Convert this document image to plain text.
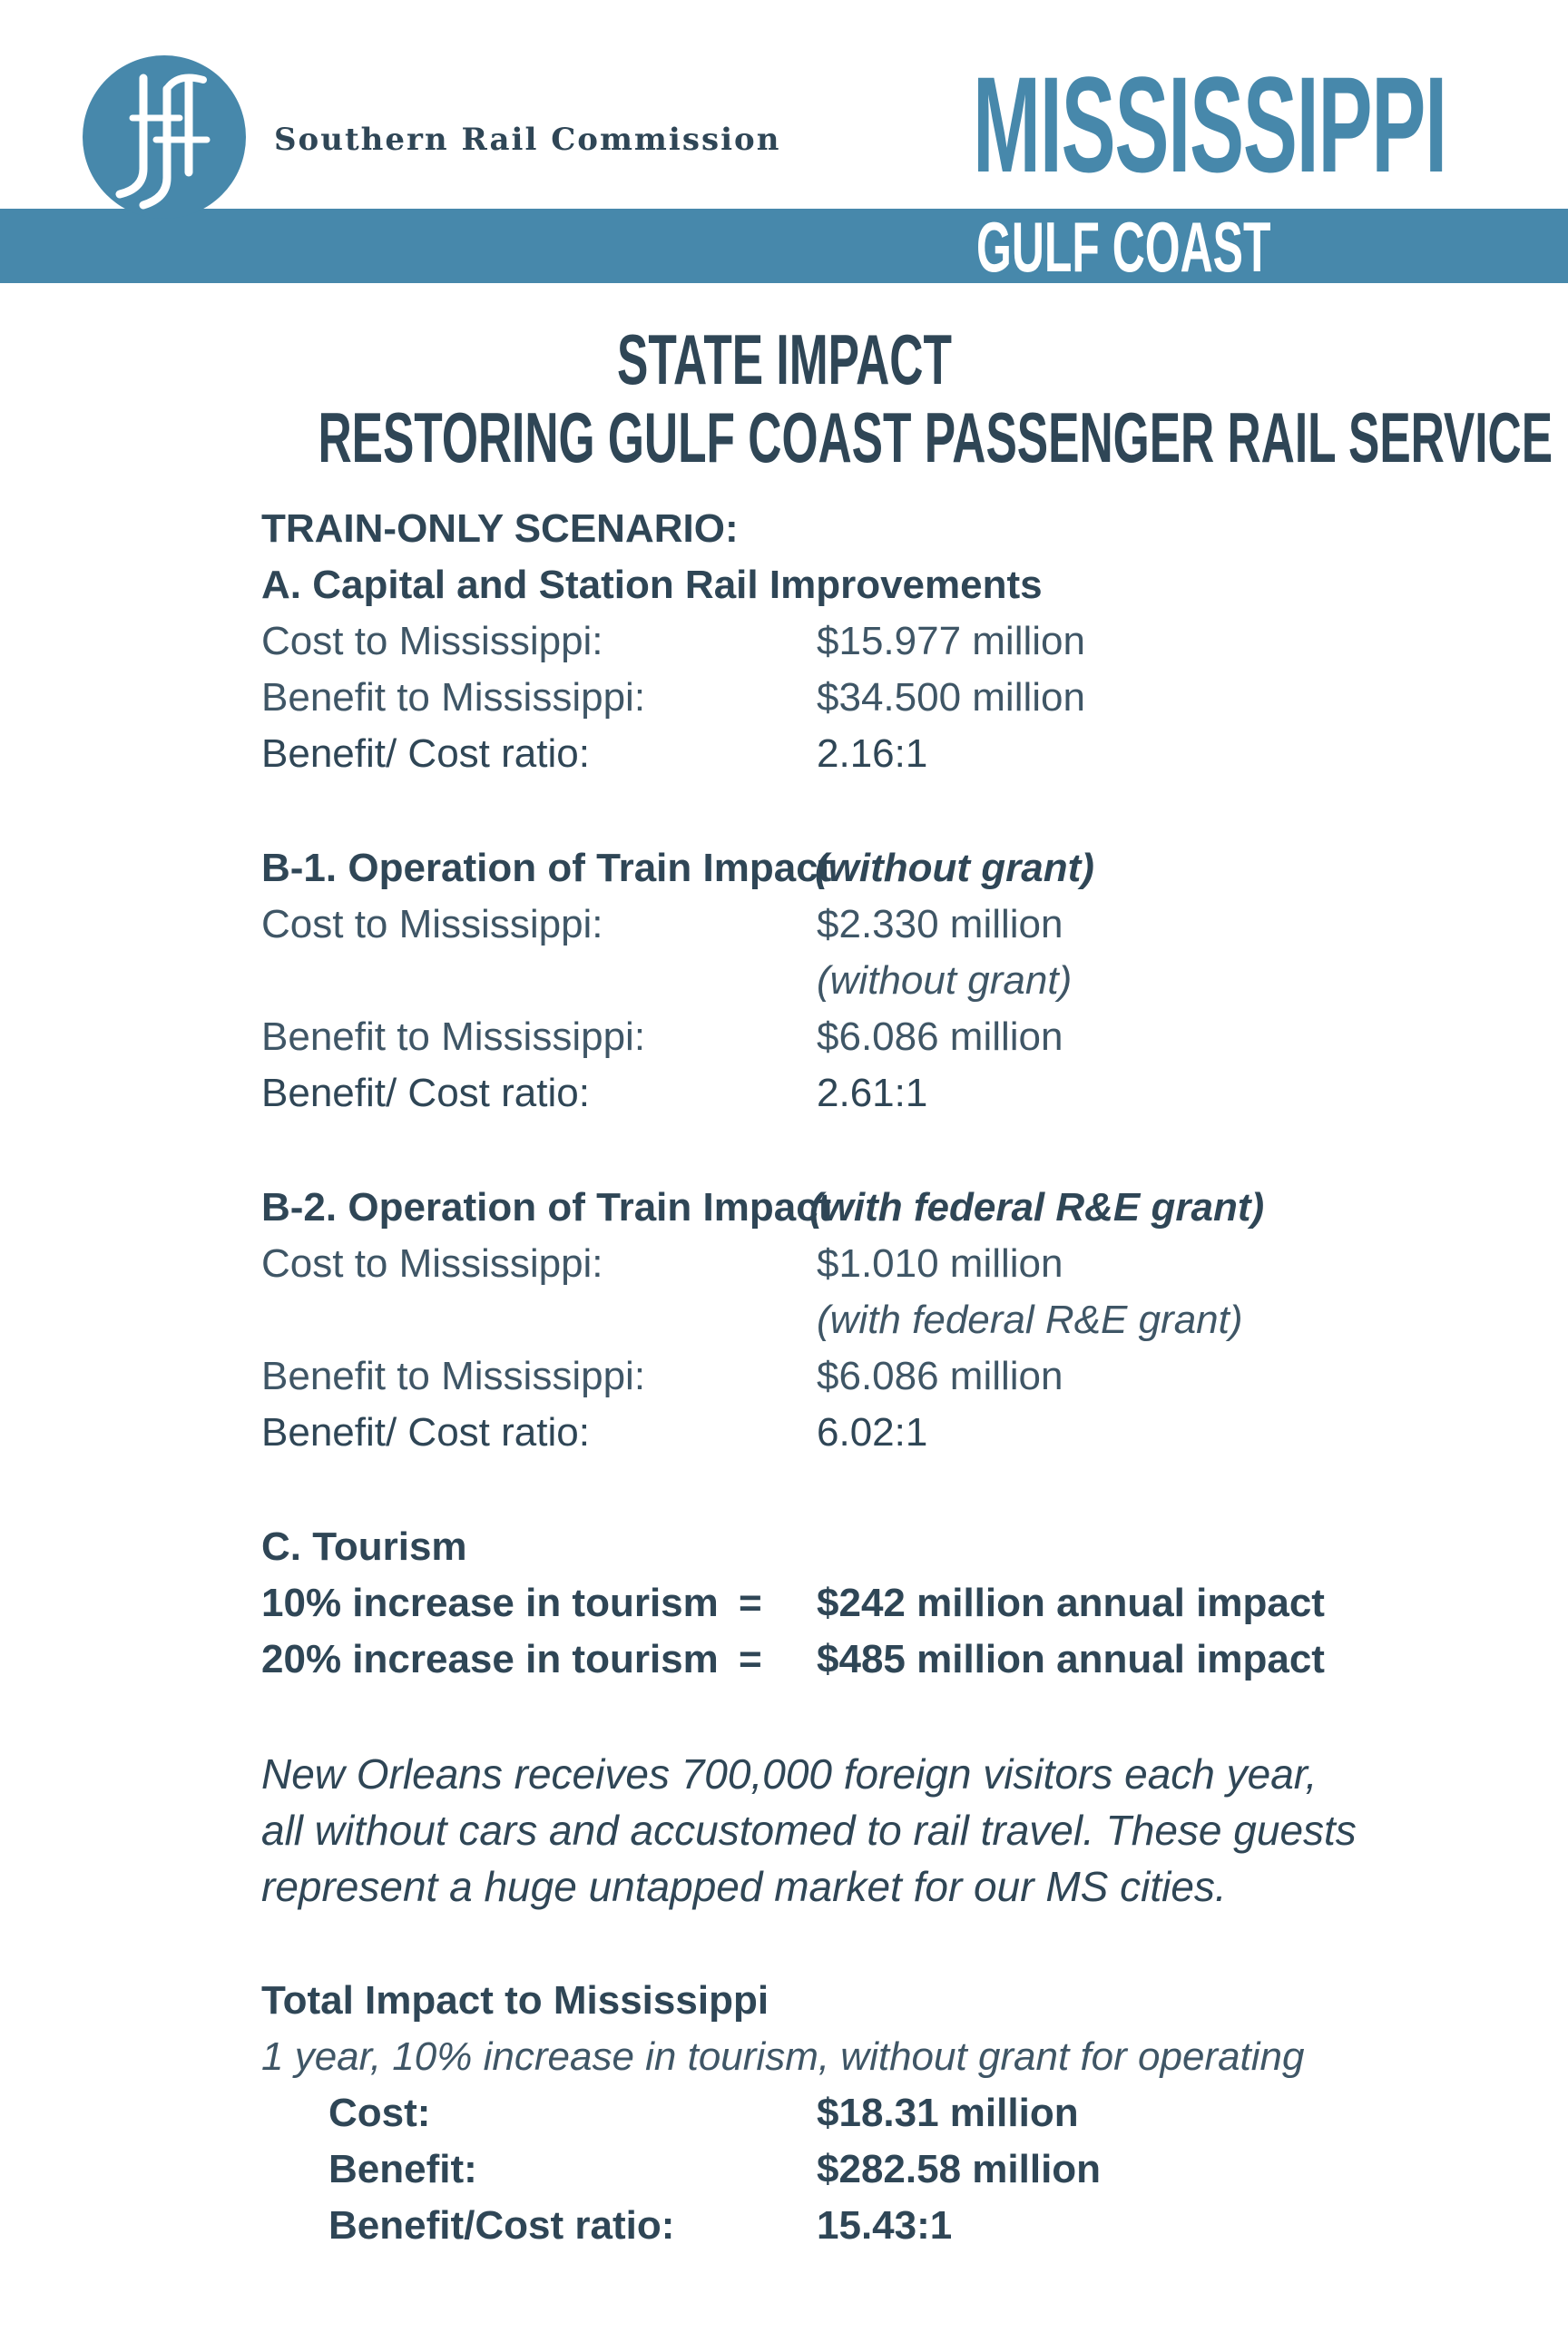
Southern Rail Commission MISSISSIPPI
GULF COAST
STATE IMPACT
RESTORING GULF COAST PASSENGER RAIL SERVICE
TRAIN-ONLY SCENARIO:
A. Capital and Station Rail Improvements
Cost to Mississippi:	$15.977 million
Benefit to Mississippi:	$34.500 million
Benefit/ Cost ratio:	2.16:1
B-1. Operation of Train Impact
(without grant)
Cost to Mississippi:	$2.330 million
(without grant)
Benefit to Mississippi:	$6.086 million
Benefit/ Cost ratio:	2.61:1
B-2. Operation of Train Impact
(with federal R&E grant)
Cost to Mississippi:	$1.010 million
(with federal R&E grant)
Benefit to Mississippi:	$6.086 million
Benefit/ Cost ratio:	6.02:1
C. Tourism
10% increase in tourism = $242 million annual impact
20% increase in tourism = $485 million annual impact
New Orleans receives 700,000 foreign visitors each year,
all without cars and accustomed to rail travel. These guests
represent a huge untapped market for our MS cities.
Total Impact to Mississippi
1 year, 10% increase in tourism, without grant for operating
Cost:	$18.31 million
Benefit:	$282.58 million
Benefit/Cost ratio:	15.43:1
